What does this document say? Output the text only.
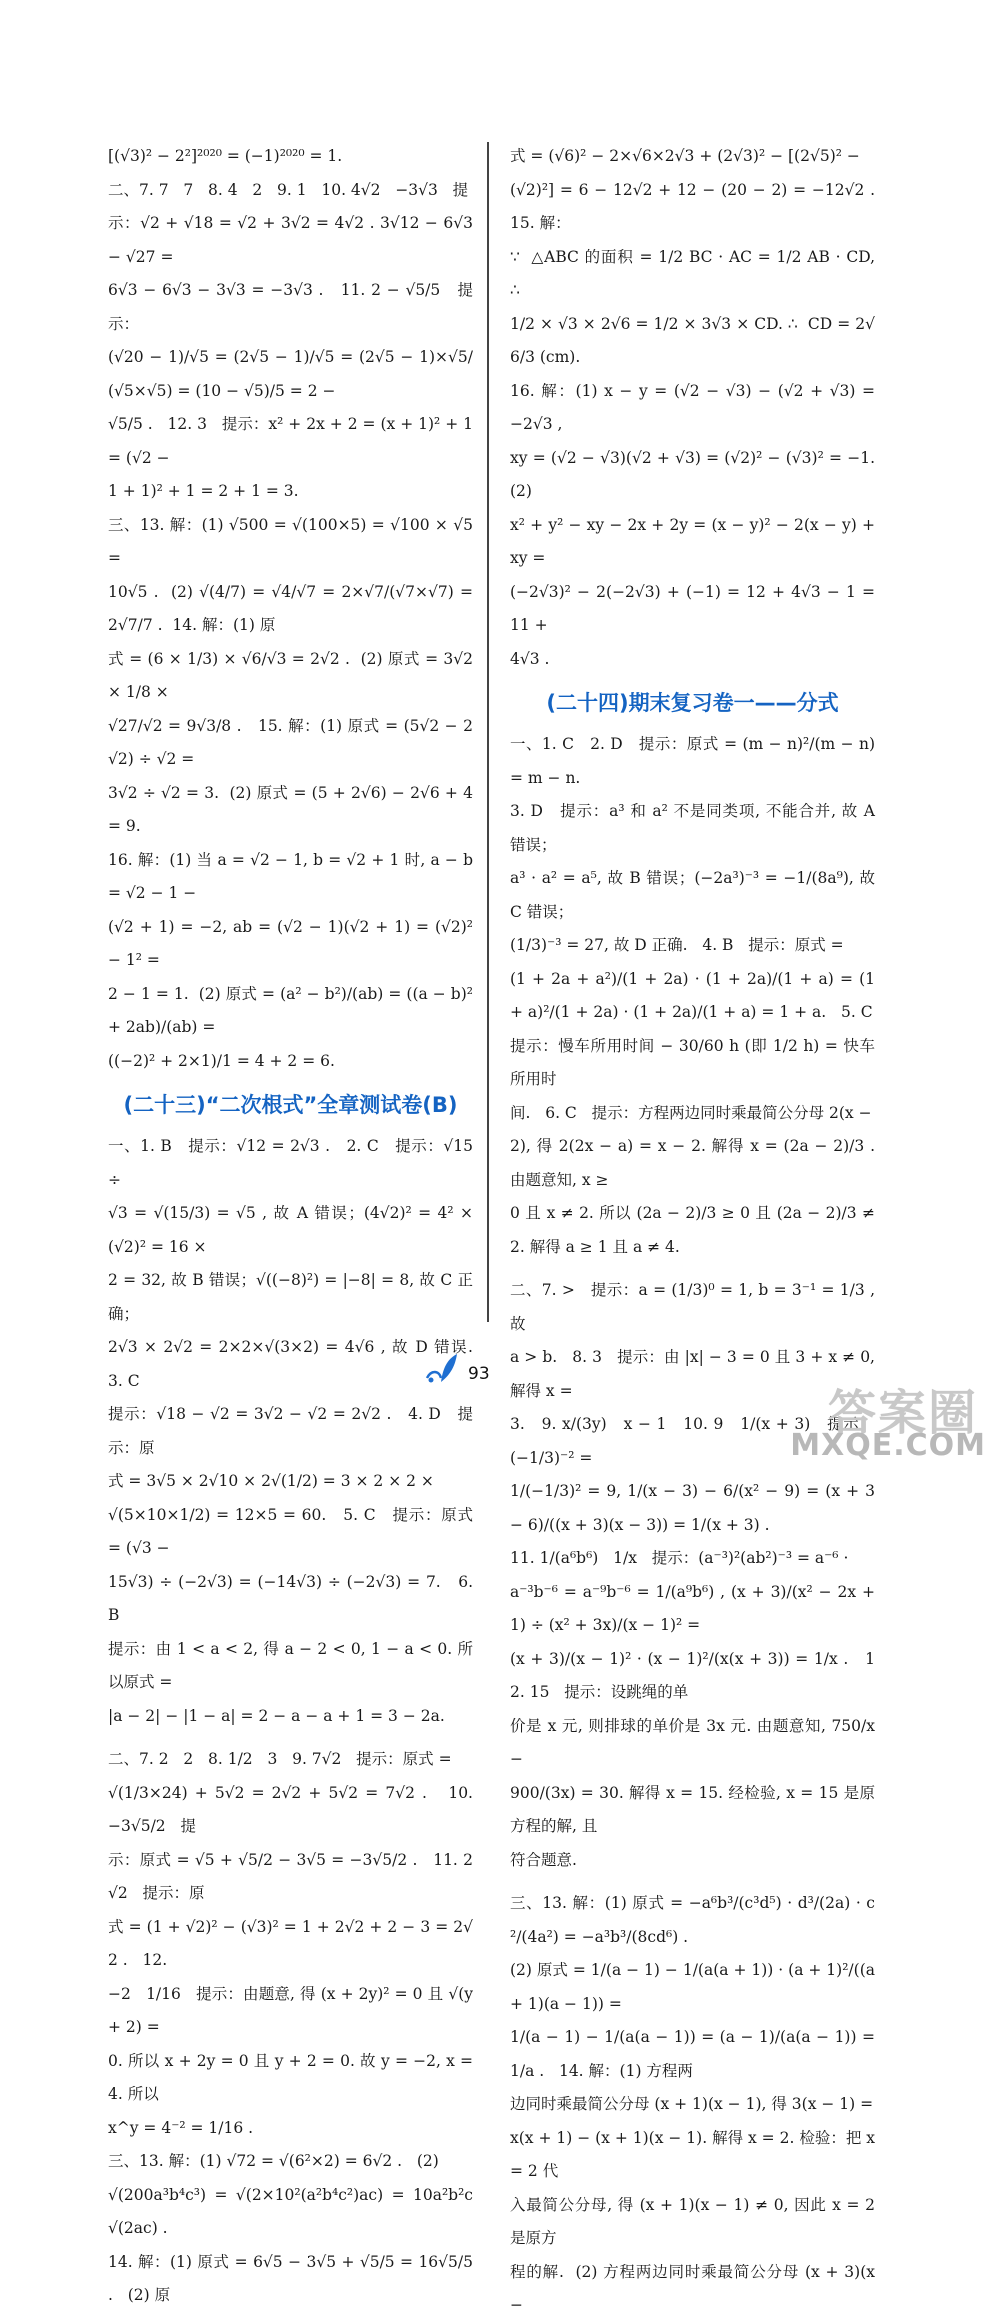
[(√3)² − 2²]²⁰²⁰ = (−1)²⁰²⁰ = 1.
二、7. 7   7   8. 4   2   9. 1   10. 4√2   −3√3   提
示：√2 + √18 = √2 + 3√2 = 4√2 . 3√12 − 6√3 − √27 =
6√3 − 6√3 − 3√3 = −3√3 .   11. 2 − √5/5   提示：
(√20 − 1)/√5 = (2√5 − 1)/√5 = (2√5 − 1)×√5/(√5×√5) = (10 − √5)/5 = 2 −
√5/5 .   12. 3   提示：x² + 2x + 2 = (x + 1)² + 1 = (√2 −
1 + 1)² + 1 = 2 + 1 = 3.
三、13. 解：(1) √500 = √(100×5) = √100 × √5 =
10√5 .  (2) √(4/7) = √4/√7 = 2×√7/(√7×√7) = 2√7/7 .  14. 解：(1) 原
式 = (6 × 1/3) × √6/√3 = 2√2 .  (2) 原式 = 3√2 × 1/8 ×
√27/√2 = 9√3/8 .   15. 解：(1) 原式 = (5√2 − 2√2) ÷ √2 =
3√2 ÷ √2 = 3.  (2) 原式 = (5 + 2√6) − 2√6 + 4 = 9.
16. 解：(1) 当 a = √2 − 1, b = √2 + 1 时, a − b = √2 − 1 −
(√2 + 1) = −2, ab = (√2 − 1)(√2 + 1) = (√2)² − 1² =
2 − 1 = 1.  (2) 原式 = (a² − b²)/(ab) = ((a − b)² + 2ab)/(ab) =
((−2)² + 2×1)/1 = 4 + 2 = 6.
(二十三)“二次根式”全章测试卷(B)
一、1. B   提示：√12 = 2√3 .   2. C   提示：√15 ÷
√3 = √(15/3) = √5 , 故 A 错误；(4√2)² = 4² × (√2)² = 16 ×
2 = 32, 故 B 错误；√((−8)²) = |−8| = 8, 故 C 正确；
2√3 × 2√2 = 2×2×√(3×2) = 4√6 , 故 D 错误.   3. C
提示：√18 − √2 = 3√2 − √2 = 2√2 .   4. D   提示：原
式 = 3√5 × 2√10 × 2√(1/2) = 3 × 2 × 2 ×
√(5×10×1/2) = 12×5 = 60.   5. C   提示：原式 = (√3 −
15√3) ÷ (−2√3) = (−14√3) ÷ (−2√3) = 7.   6. B
提示：由 1 < a < 2, 得 a − 2 < 0, 1 − a < 0. 所以原式 =
|a − 2| − |1 − a| = 2 − a − a + 1 = 3 − 2a.
二、7. 2   2   8. 1/2   3   9. 7√2   提示：原式 =
√(1/3×24) + 5√2 = 2√2 + 5√2 = 7√2 .   10. −3√5/2   提
示：原式 = √5 + √5/2 − 3√5 = −3√5/2 .   11. 2√2   提示：原
式 = (1 + √2)² − (√3)² = 1 + 2√2 + 2 − 3 = 2√2 .   12.
−2   1/16   提示：由题意, 得 (x + 2y)² = 0 且 √(y + 2) =
0. 所以 x + 2y = 0 且 y + 2 = 0. 故 y = −2, x = 4. 所以
x^y = 4⁻² = 1/16 .
三、13. 解：(1) √72 = √(6²×2) = 6√2 .   (2)
√(200a³b⁴c³) = √(2×10²(a²b⁴c²)ac) = 10a²b²c √(2ac) .
14. 解：(1) 原式 = 6√5 − 3√5 + √5/5 = 16√5/5 .   (2) 原
式 = (√6)² − 2×√6×2√3 + (2√3)² − [(2√5)² −
(√2)²] = 6 − 12√2 + 12 − (20 − 2) = −12√2 .   15. 解：
∵  △ABC 的面积 = 1/2 BC · AC = 1/2 AB · CD, ∴
1/2 × √3 × 2√6 = 1/2 × 3√3 × CD. ∴  CD = 2√6/3 (cm).
16. 解：(1) x − y = (√2 − √3) − (√2 + √3) = −2√3 ,
xy = (√2 − √3)(√2 + √3) = (√2)² − (√3)² = −1.   (2)
x² + y² − xy − 2x + 2y = (x − y)² − 2(x − y) + xy =
(−2√3)² − 2(−2√3) + (−1) = 12 + 4√3 − 1 = 11 +
4√3 .
(二十四)期末复习卷一——分式
一、1. C   2. D   提示：原式 = (m − n)²/(m − n) = m − n.
3. D   提示：a³ 和 a² 不是同类项, 不能合并, 故 A 错误；
a³ · a² = a⁵, 故 B 错误；(−2a³)⁻³ = −1/(8a⁹), 故 C 错误；
(1/3)⁻³ = 27, 故 D 正确.   4. B   提示：原式 =
(1 + 2a + a²)/(1 + 2a) · (1 + 2a)/(1 + a) = (1 + a)²/(1 + 2a) · (1 + 2a)/(1 + a) = 1 + a.   5. C
提示：慢车所用时间 − 30/60 h (即 1/2 h) = 快车所用时
间.   6. C   提示：方程两边同时乘最简公分母 2(x −
2), 得 2(2x − a) = x − 2. 解得 x = (2a − 2)/3 . 由题意知, x ≥
0 且 x ≠ 2. 所以 (2a − 2)/3 ≥ 0 且 (2a − 2)/3 ≠ 2. 解得 a ≥ 1 且 a ≠ 4.
二、7. >   提示：a = (1/3)⁰ = 1, b = 3⁻¹ = 1/3 , 故
a > b.   8. 3   提示：由 |x| − 3 = 0 且 3 + x ≠ 0, 解得 x =
3.   9. x/(3y)   x − 1   10. 9   1/(x + 3)   提示：(−1/3)⁻² =
1/(−1/3)² = 9, 1/(x − 3) − 6/(x² − 9) = (x + 3 − 6)/((x + 3)(x − 3)) = 1/(x + 3) .
11. 1/(a⁶b⁶)   1/x   提示：(a⁻³)²(ab²)⁻³ = a⁻⁶ ·
a⁻³b⁻⁶ = a⁻⁹b⁻⁶ = 1/(a⁹b⁶) , (x + 3)/(x² − 2x + 1) ÷ (x² + 3x)/(x − 1)² =
(x + 3)/(x − 1)² · (x − 1)²/(x(x + 3)) = 1/x .   12. 15   提示：设跳绳的单
价是 x 元, 则排球的单价是 3x 元. 由题意知, 750/x −
900/(3x) = 30. 解得 x = 15. 经检验, x = 15 是原方程的解, 且
符合题意.
三、13. 解：(1) 原式 = −a⁶b³/(c³d⁵) · d³/(2a) · c²/(4a²) = −a³b³/(8cd⁶) .
(2) 原式 = 1/(a − 1) − 1/(a(a + 1)) · (a + 1)²/((a + 1)(a − 1)) =
1/(a − 1) − 1/(a(a − 1)) = (a − 1)/(a(a − 1)) = 1/a .   14. 解：(1) 方程两
边同时乘最简公分母 (x + 1)(x − 1), 得 3(x − 1) =
x(x + 1) − (x + 1)(x − 1). 解得 x = 2. 检验：把 x = 2 代
入最简公分母, 得 (x + 1)(x − 1) ≠ 0, 因此 x = 2 是原方
程的解.  (2) 方程两边同时乘最简公分母 (x + 3)(x −
93
答案圈
MXQE.COM
